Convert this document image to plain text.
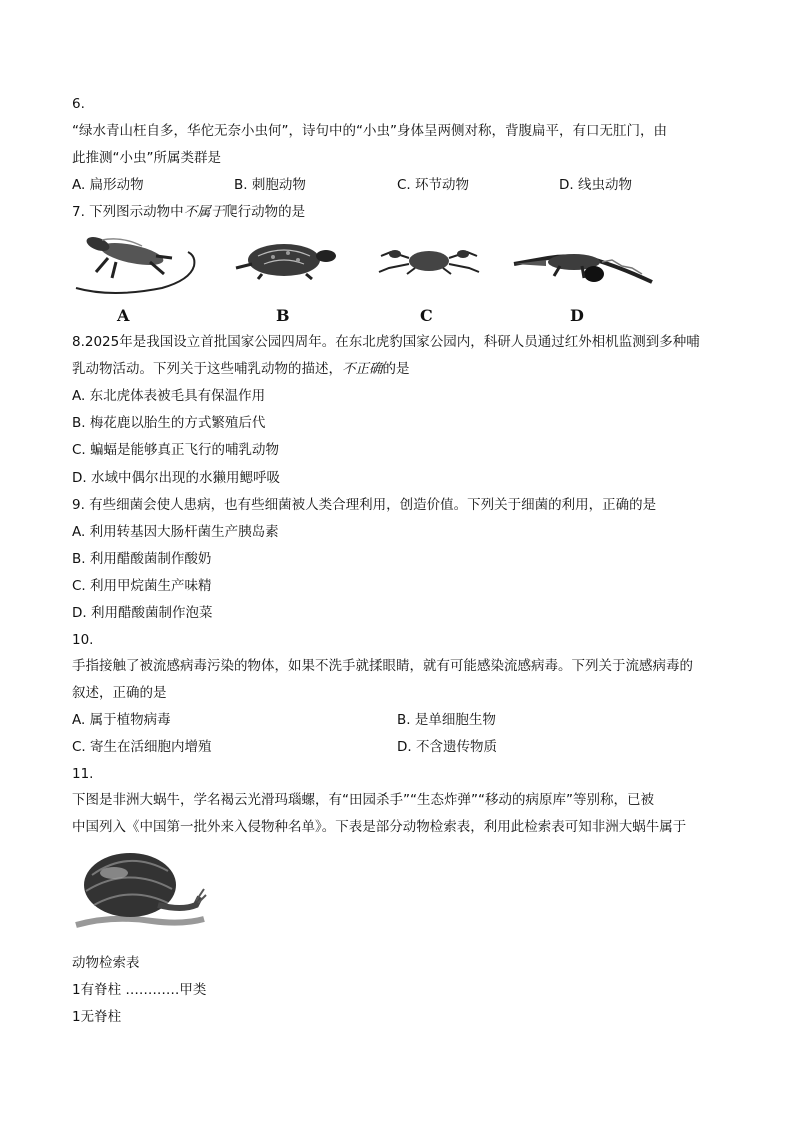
6.
“绿水青山枉自多，华佗无奈小虫何”，诗句中的“小虫”身体呈两侧对称，背腹扁平，有口无肛门，由
此推测“小虫”所属类群是
A. 扁形动物	B. 刺胞动物	C. 环节动物	D. 线虫动物
7. 下列图示动物中不属于爬行动物的是
A	B	C	D
8.2025年是我国设立首批国家公园四周年。在东北虎豹国家公园内，科研人员通过红外相机监测到多种哺
乳动物活动。下列关于这些哺乳动物的描述，不正确的是
A. 东北虎体表被毛具有保温作用
B. 梅花鹿以胎生的方式繁殖后代
C. 蝙蝠是能够真正飞行的哺乳动物
D. 水域中偶尔出现的水獭用鳃呼吸
9. 有些细菌会使人患病，也有些细菌被人类合理利用，创造价值。下列关于细菌的利用，正确的是
A. 利用转基因大肠杆菌生产胰岛素
B. 利用醋酸菌制作酸奶
C. 利用甲烷菌生产味精
D. 利用醋酸菌制作泡菜
10.
手指接触了被流感病毒污染的物体，如果不洗手就揉眼睛，就有可能感染流感病毒。下列关于流感病毒的
叙述，正确的是
A. 属于植物病毒	B. 是单细胞生物
C. 寄生在活细胞内增殖	D. 不含遗传物质
11.
下图是非洲大蜗牛，学名褐云光滑玛瑙螺，有“田园杀手”“生态炸弹”“移动的病原库”等别称，已被
中国列入《中国第一批外来入侵物种名单》。下表是部分动物检索表，利用此检索表可知非洲大蜗牛属于
动物检索表
1有脊柱 …………甲类
1无脊柱
